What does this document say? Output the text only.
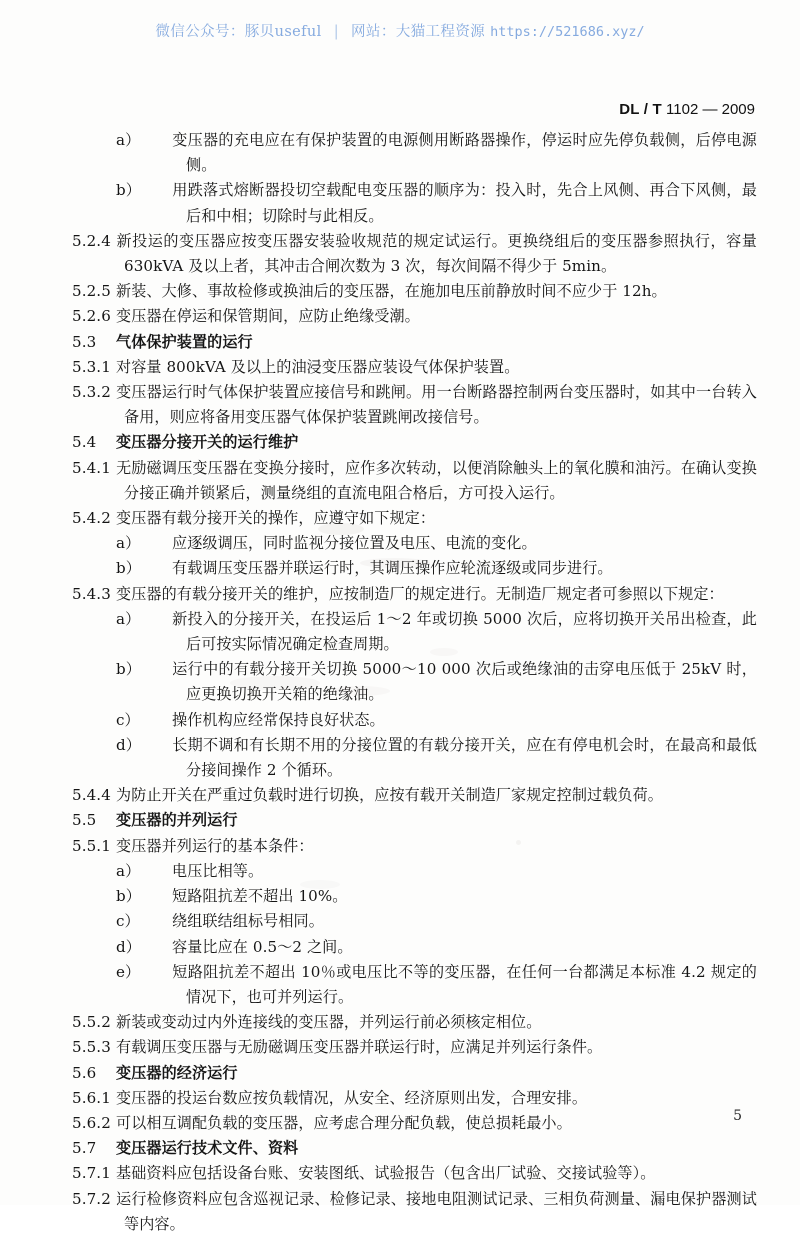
微信公众号：豚贝useful | 网站：大猫工程资源 https://521686.xyz/
DL / T 1102 — 2009

a） 变压器的充电应在有保护装置的电源侧用断路器操作，停运时应先停负载侧，后停电源侧。

b） 用跌落式熔断器投切空载配电变压器的顺序为：投入时，先合上风侧、再合下风侧，最后和中相；切除时与此相反。

5.2.4 新投运的变压器应按变压器安装验收规范的规定试运行。更换绕组后的变压器参照执行，容量 630kVA 及以上者，其冲击合闸次数为 3 次，每次间隔不得少于 5min。

5.2.5 新装、大修、事故检修或换油后的变压器，在施加电压前静放时间不应少于 12h。

5.2.6 变压器在停运和保管期间，应防止绝缘受潮。

5.3 气体保护装置的运行

5.3.1 对容量 800kVA 及以上的油浸变压器应装设气体保护装置。

5.3.2 变压器运行时气体保护装置应接信号和跳闸。用一台断路器控制两台变压器时，如其中一台转入备用，则应将备用变压器气体保护装置跳闸改接信号。

5.4 变压器分接开关的运行维护

5.4.1 无励磁调压变压器在变换分接时，应作多次转动，以便消除触头上的氧化膜和油污。在确认变换分接正确并锁紧后，测量绕组的直流电阻合格后，方可投入运行。

5.4.2 变压器有载分接开关的操作，应遵守如下规定：

a） 应逐级调压，同时监视分接位置及电压、电流的变化。

b） 有载调压变压器并联运行时，其调压操作应轮流逐级或同步进行。

5.4.3 变压器的有载分接开关的维护，应按制造厂的规定进行。无制造厂规定者可参照以下规定：

a） 新投入的分接开关，在投运后 1～2 年或切换 5000 次后，应将切换开关吊出检查，此后可按实际情况确定检查周期。

b） 运行中的有载分接开关切换 5000～10 000 次后或绝缘油的击穿电压低于 25kV 时，应更换切换开关箱的绝缘油。

c） 操作机构应经常保持良好状态。

d） 长期不调和有长期不用的分接位置的有载分接开关，应在有停电机会时，在最高和最低分接间操作 2 个循环。

5.4.4 为防止开关在严重过负载时进行切换，应按有载开关制造厂家规定控制过载负荷。

5.5 变压器的并列运行

5.5.1 变压器并列运行的基本条件：

a） 电压比相等。

b） 短路阻抗差不超出 10%。

c） 绕组联结组标号相同。

d） 容量比应在 0.5～2 之间。

e） 短路阻抗差不超出 10％或电压比不等的变压器，在任何一台都满足本标准 4.2 规定的情况下，也可并列运行。

5.5.2 新装或变动过内外连接线的变压器，并列运行前必须核定相位。

5.5.3 有载调压变压器与无励磁调压变压器并联运行时，应满足并列运行条件。

5.6 变压器的经济运行

5.6.1 变压器的投运台数应按负载情况，从安全、经济原则出发，合理安排。

5.6.2 可以相互调配负载的变压器，应考虑合理分配负载，使总损耗最小。

5.7 变压器运行技术文件、资料

5.7.1 基础资料应包括设备台账、安装图纸、试验报告（包含出厂试验、交接试验等）。

5.7.2 运行检修资料应包含巡视记录、检修记录、接地电阻测试记录、三相负荷测量、漏电保护器测试等内容。

5
